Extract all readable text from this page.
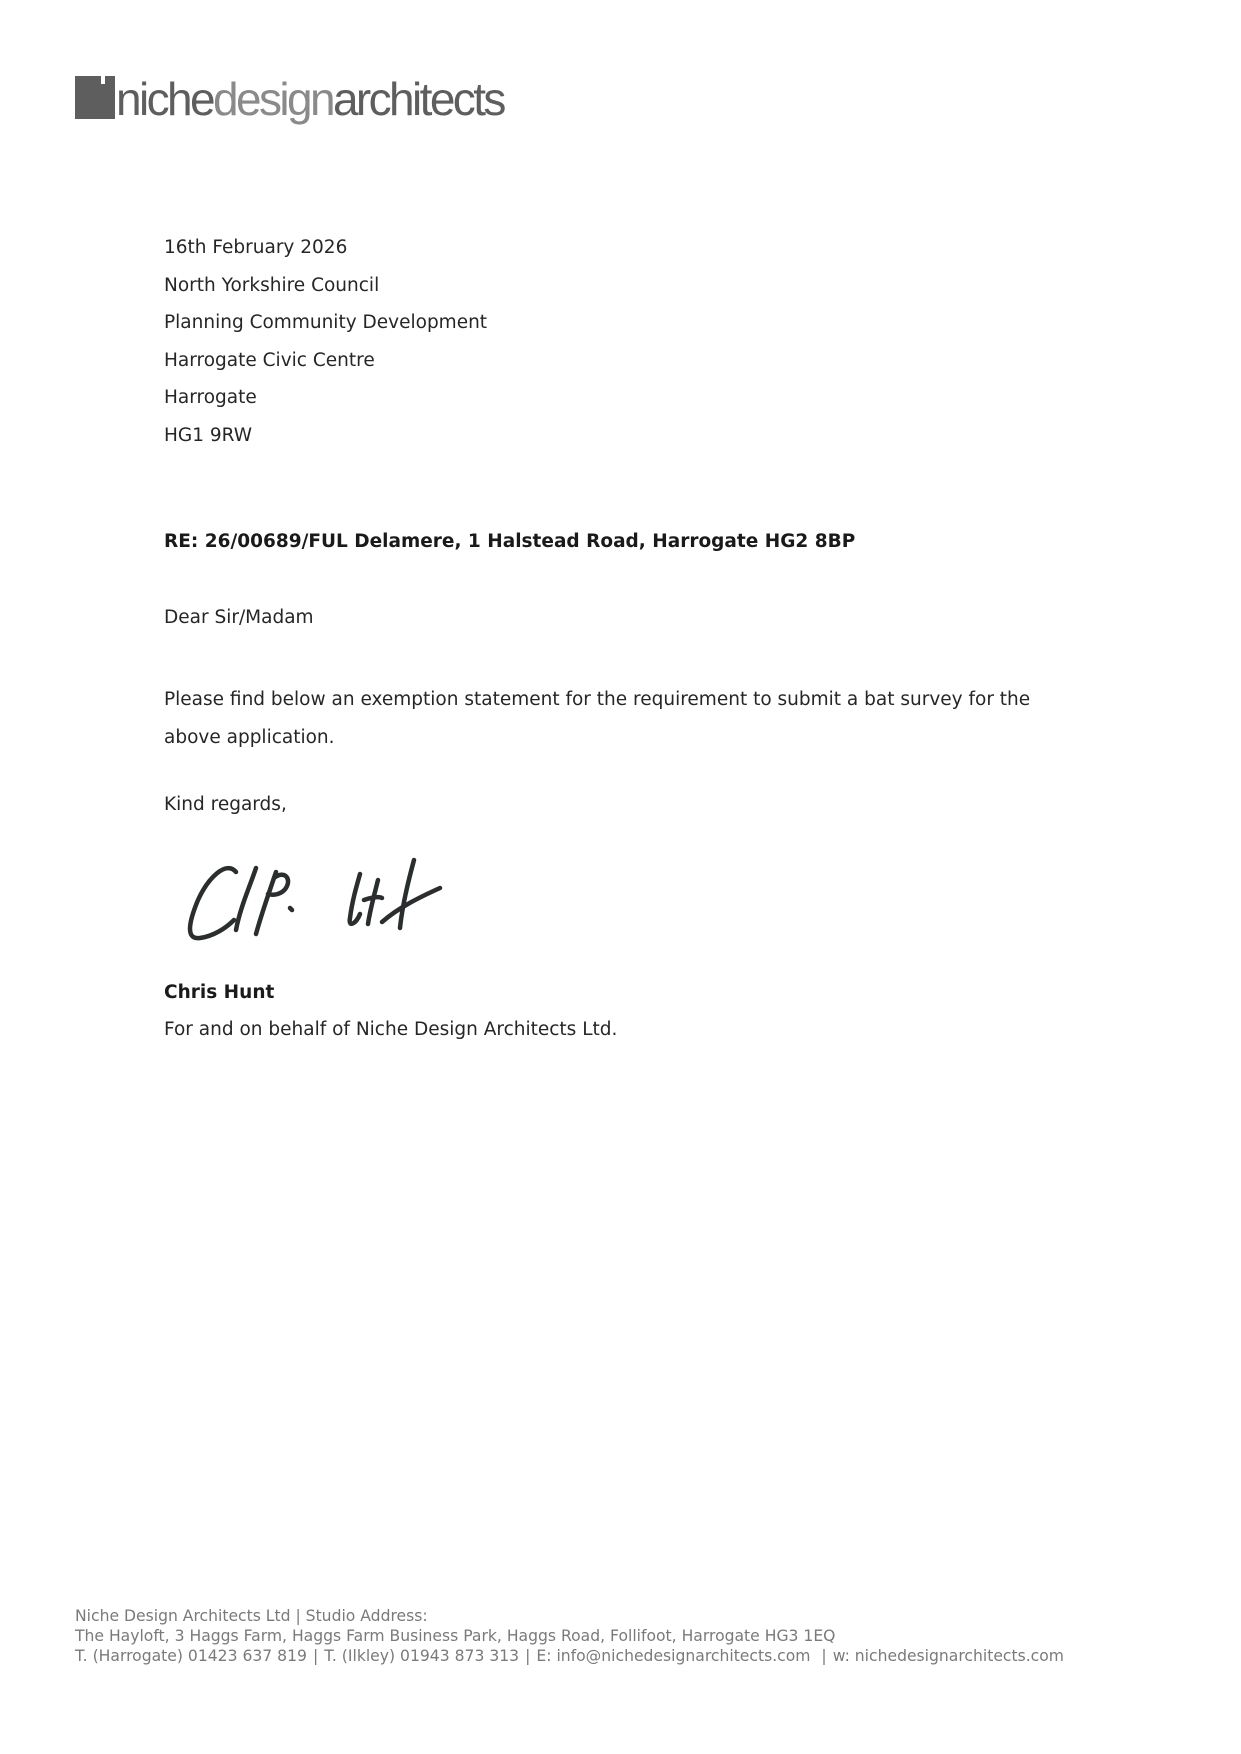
nichedesignarchitects
16th February 2026
North Yorkshire Council
Planning Community Development
Harrogate Civic Centre
Harrogate
HG1 9RW
RE: 26/00689/FUL Delamere, 1 Halstead Road, Harrogate HG2 8BP
Dear Sir/Madam
Please find below an exemption statement for the requirement to submit a bat survey for the
above application.
Kind regards,
Chris Hunt
For and on behalf of Niche Design Architects Ltd.
Niche Design Architects Ltd | Studio Address:
The Hayloft, 3 Haggs Farm, Haggs Farm Business Park, Haggs Road, Follifoot, Harrogate HG3 1EQ
T. (Harrogate) 01423 637 819 | T. (Ilkley) 01943 873 313 | E: info@nichedesignarchitects.com | w: nichedesignarchitects.com
